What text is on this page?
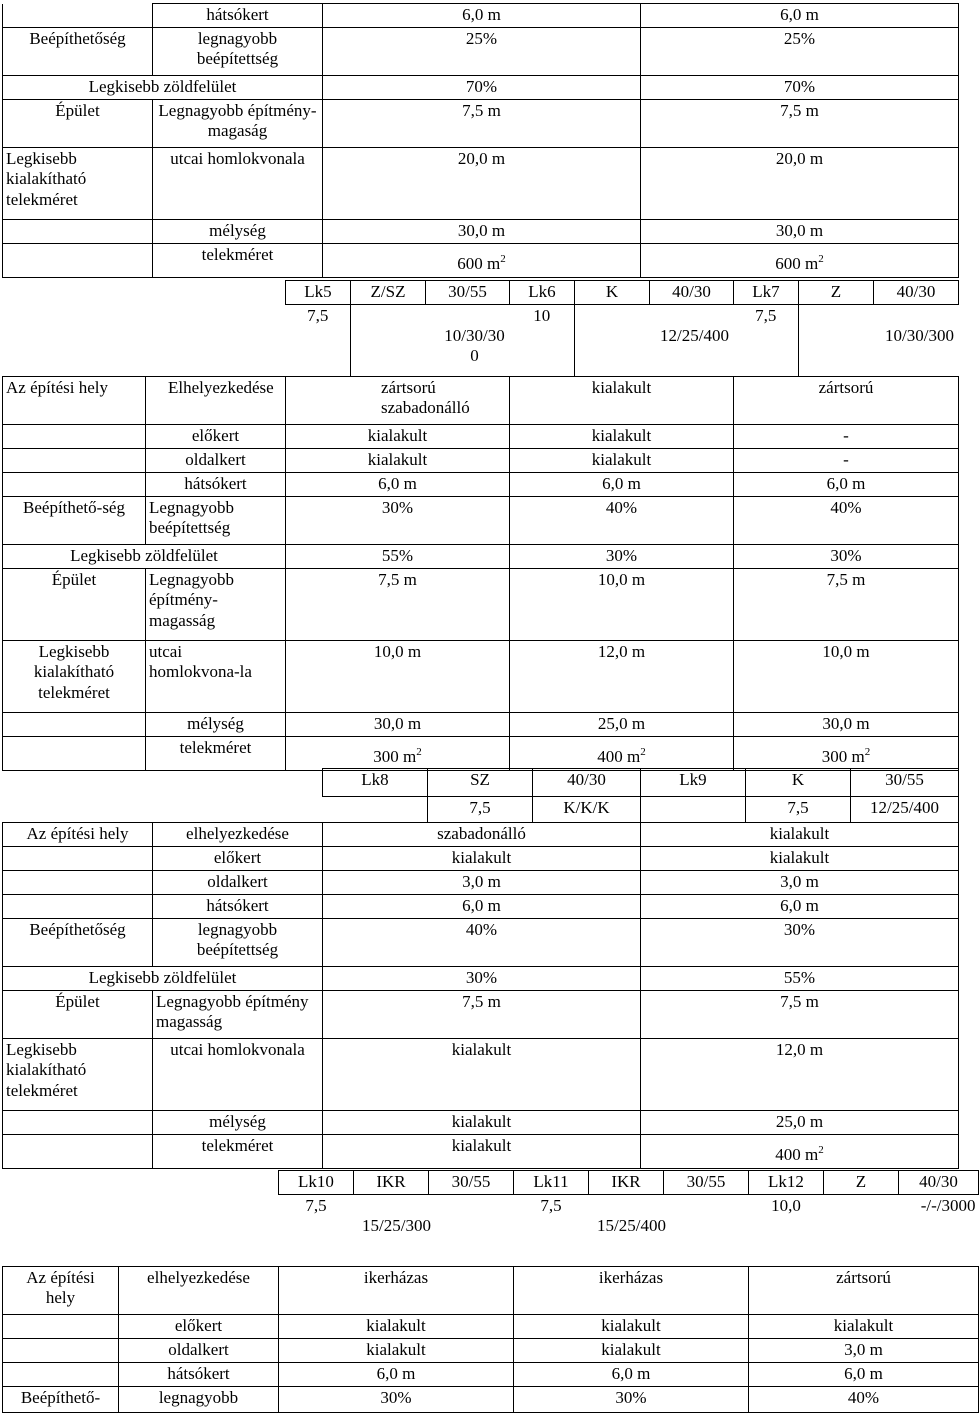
	hátsókert	6,0 m	6,0 m
Beépíthetőség	legnagyobb beépítettség	25%	25%
Legkisebb zöldfelület		70%	70%
Épület	Legnagyobb építmény-magaság	7,5 m	7,5 m
Legkisebb kialakítható telekméret	utcai homlokvonala	20,0 m	20,0 m
	mélység	30,0 m	30,0 m
	telekméret	600 $m^2$	600 $m^2$
		Lk5	Z/SZ	30/55	Lk6	K	40/30	Lk7	Z	40/30
		7,5	10/30/300		10	12/25/400		7,5	10/30/300	

Az építési hely	Elhelyezkedése	zártsorú szabadonálló			kialakult			zártsorú		
	előkert	kialakult			kialakult			-		
	oldalkert	kialakult			kialakult			-		
	hátsókert	6,0 m			6,0 m			6,0 m		
Beépíthető-ség	Legnagyobb beépítettség	30%			40%			40%		
Legkisebb zöldfelület		55%			30%			30%		
Épület	Legnagyobb építmény-magasság	7,5 m			10,0 m			7,5 m		
Legkisebb kialakítható telekméret	utcai homlokvona-la	10,0 m			12,0 m			10,0 m		
	mélység	30,0 m			25,0 m			30,0 m		
	telekméret	300 $m^2$			400 $m^2$			300 $m^2$
		Lk8	SZ	40/30	Lk9	K	30/55
			7,5	K/K/K		7,5	12/25/400
Az építési hely	elhelyezkedése	szabadonálló			kialakult		
	előkert	kialakult			kialakult		
	oldalkert	3,0 m			3,0 m		
	hátsókert	6,0 m			6,0 m		
Beépíthetőség	legnagyobb beépítettség	40%			30%		
Legkisebb zöldfelület		30%			55%		
Épület	Legnagyobb építmény magasság	7,5 m			7,5 m		
Legkisebb kialakítható telekméret	utcai homlokvonala	kialakult			12,0 m		
	mélység	kialakult			25,0 m		
	telekméret	kialakult			400 $m^2$
		Lk10	IKR	30/55	Lk11	IKR	30/55	Lk12	Z	40/30
		7,5	15/25/300		7,5	15/25/400		10,0	-/-/3000	
Az építési hely	elhelyezkedése	ikerházas			ikerházas			zártsorú		
	előkert	kialakult			kialakult			kialakult		
	oldalkert	kialakult			kialakult			3,0 m		
	hátsókert	6,0 m			6,0 m			6,0 m		
Beépíthető-	legnagyobb	30%			30%			40%		
